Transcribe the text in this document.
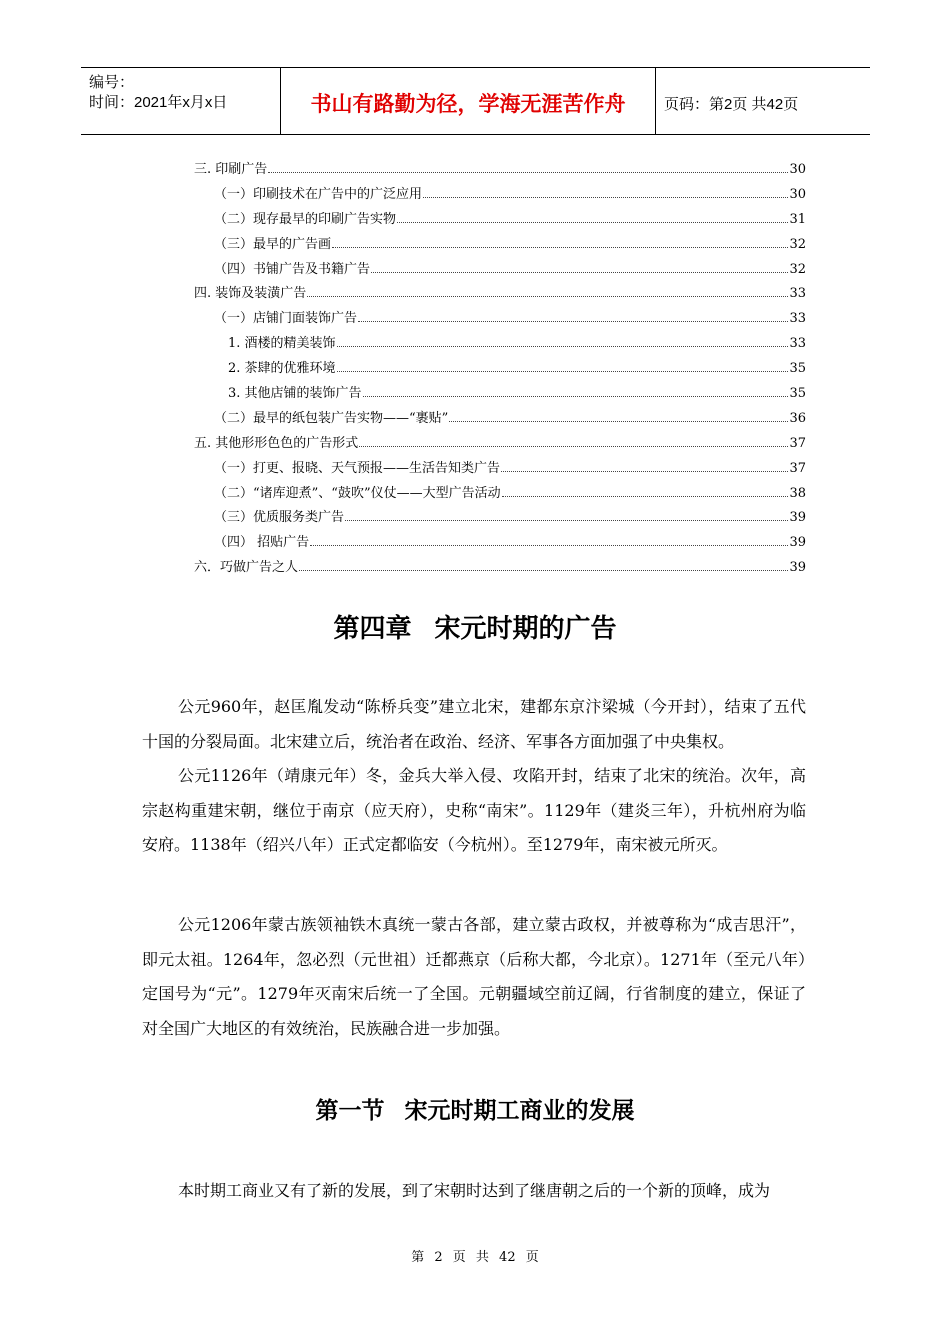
编号：
时间：2021年x月x日	书山有路勤为径，学海无涯苦作舟	页码：第2页 共42页
三. 印刷广告	30
（一）印刷技术在广告中的广泛应用	30
（二）现存最早的印刷广告实物	31
（三）最早的广告画	32
（四）书铺广告及书籍广告	32
四. 装饰及装潢广告	33
（一）店铺门面装饰广告	33
1. 酒楼的精美装饰	33
2. 茶肆的优雅环境	35
3. 其他店铺的装饰广告	35
（二）最早的纸包装广告实物——“裹贴”	36
五. 其他形形色色的广告形式	37
（一）打更、报晓、天气预报——生活告知类广告	37
（二）“诸库迎煮”、“鼓吹”仪仗——大型广告活动	38
（三）优质服务类广告	39
（四） 招贴广告	39
六．巧做广告之人	39
第四章 宋元时期的广告
公元960年，赵匡胤发动“陈桥兵变”建立北宋，建都东京汴梁城（今开封），结束了五代十国的分裂局面。北宋建立后，统治者在政治、经济、军事各方面加强了中央集权。
公元1126年（靖康元年）冬，金兵大举入侵、攻陷开封，结束了北宋的统治。次年，高宗赵构重建宋朝，继位于南京（应天府），史称“南宋”。1129年（建炎三年），升杭州府为临安府。1138年（绍兴八年）正式定都临安（今杭州）。至1279年，南宋被元所灭。
公元1206年蒙古族领袖铁木真统一蒙古各部，建立蒙古政权，并被尊称为“成吉思汗”，即元太祖。1264年，忽必烈（元世祖）迁都燕京（后称大都，今北京）。1271年（至元八年）定国号为“元”。1279年灭南宋后统一了全国。元朝疆域空前辽阔，行省制度的建立，保证了对全国广大地区的有效统治，民族融合进一步加强。
第一节 宋元时期工商业的发展
本时期工商业又有了新的发展，到了宋朝时达到了继唐朝之后的一个新的顶峰，成为
第 2 页 共 42 页
